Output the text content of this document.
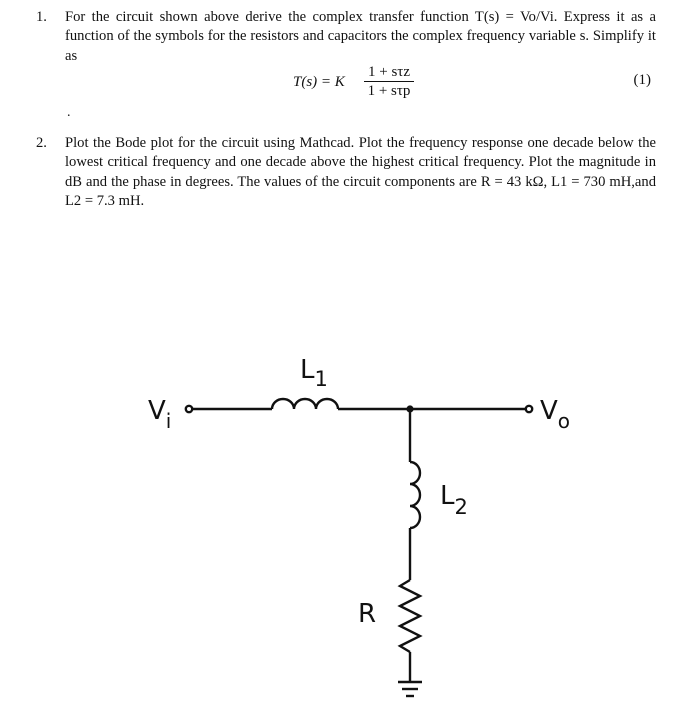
1. For the circuit shown above derive the complex transfer function T(s) = Vo/Vi. Express it as a function of the symbols for the resistors and capacitors the complex frequency variable s. Simplify it as
T(s) = K
1 + sτz
1 + sτp
(1)
.
2. Plot the Bode plot for the circuit using Mathcad. Plot the frequency response one decade below the lowest critical frequency and one decade above the highest critical frequency. Plot the magnitude in dB and the phase in degrees. The values of the circuit components are R = 43 kΩ, L1 = 730 mH,and L2 = 7.3 mH.
$V_i$	$V_o$
$L_1$
$L_2$
R
